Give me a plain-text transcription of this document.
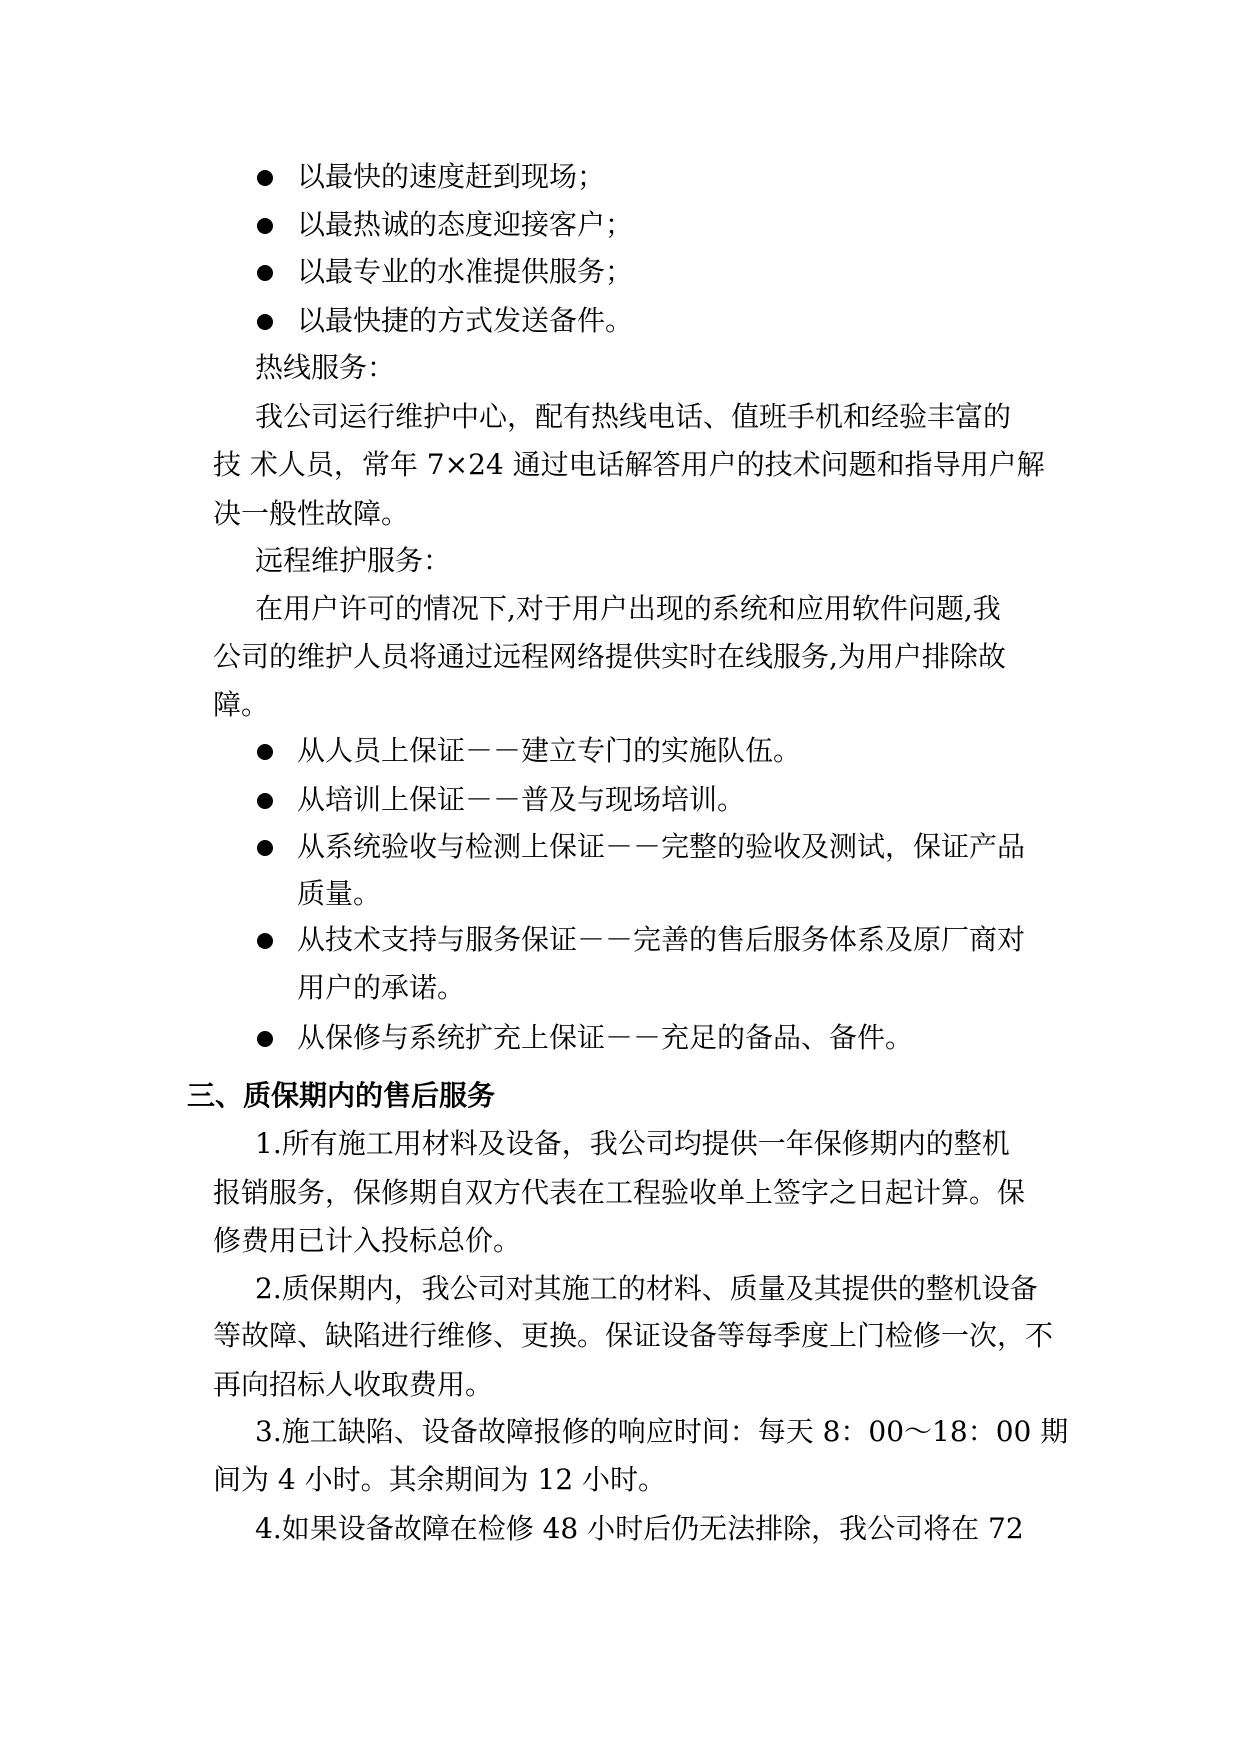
以最快的速度赶到现场；
以最热诚的态度迎接客户；
以最专业的水准提供服务；
以最快捷的方式发送备件。
热线服务：
我公司运行维护中心，配有热线电话、值班手机和经验丰富的
技 术人员，常年 7×24 通过电话解答用户的技术问题和指导用户解
决一般性故障。
远程维护服务：
在用户许可的情况下,对于用户出现的系统和应用软件问题,我
公司的维护人员将通过远程网络提供实时在线服务,为用户排除故
障。
从人员上保证－－建立专门的实施队伍。
从培训上保证－－普及与现场培训。
从系统验收与检测上保证－－完整的验收及测试，保证产品
质量。
从技术支持与服务保证－－完善的售后服务体系及原厂商对
用户的承诺。
从保修与系统扩充上保证－－充足的备品、备件。
三、质保期内的售后服务
1.所有施工用材料及设备，我公司均提供一年保修期内的整机
报销服务，保修期自双方代表在工程验收单上签字之日起计算。保
修费用已计入投标总价。
2.质保期内，我公司对其施工的材料、质量及其提供的整机设备
等故障、缺陷进行维修、更换。保证设备等每季度上门检修一次，不
再向招标人收取费用。
3.施工缺陷、设备故障报修的响应时间：每天 8：00～18：00 期
间为 4 小时。其余期间为 12 小时。
4.如果设备故障在检修 48 小时后仍无法排除，我公司将在 72
